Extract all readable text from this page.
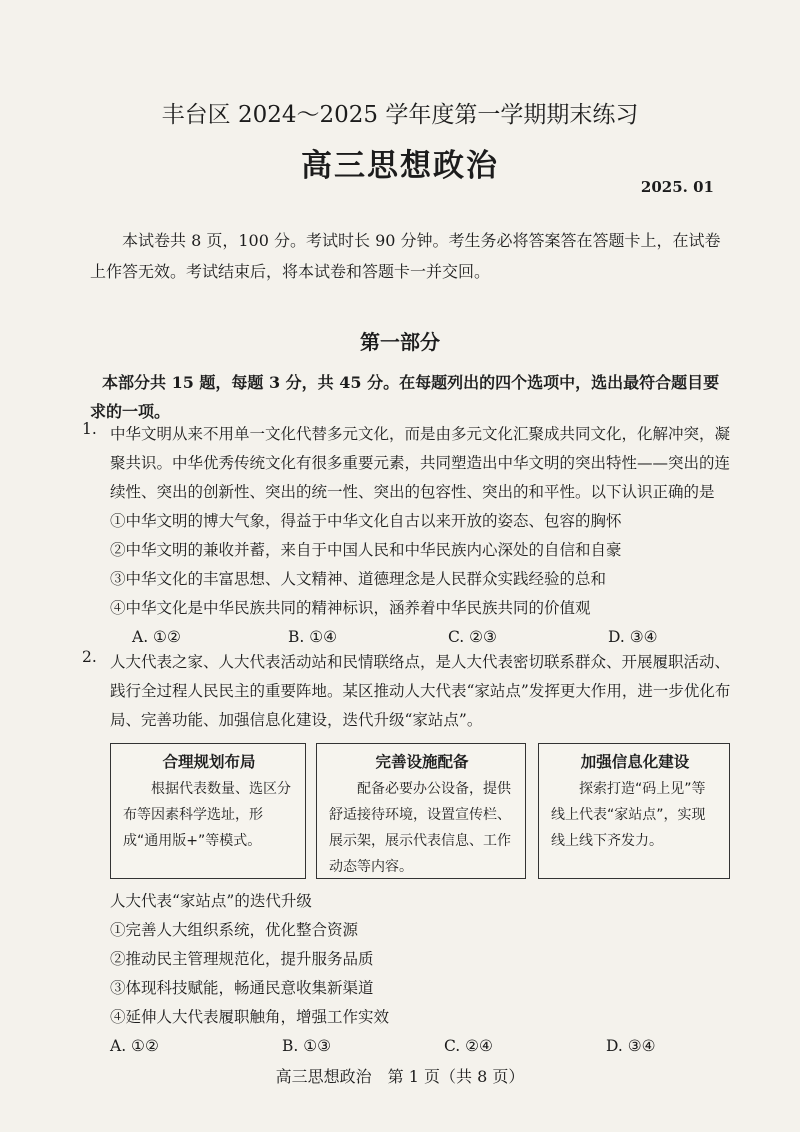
丰台区 2024～2025 学年度第一学期期末练习
高三思想政治
2025. 01
本试卷共 8 页，100 分。考试时长 90 分钟。考生务必将答案答在答题卡上，在试卷上作答无效。考试结束后，将本试卷和答题卡一并交回。
第一部分
本部分共 15 题，每题 3 分，共 45 分。在每题列出的四个选项中，选出最符合题目要求的一项。
1. 中华文明从来不用单一文化代替多元文化，而是由多元文化汇聚成共同文化，化解冲突，凝聚共识。中华优秀传统文化有很多重要元素，共同塑造出中华文明的突出特性——突出的连续性、突出的创新性、突出的统一性、突出的包容性、突出的和平性。以下认识正确的是
①中华文明的博大气象，得益于中华文化自古以来开放的姿态、包容的胸怀
②中华文明的兼收并蓄，来自于中国人民和中华民族内心深处的自信和自豪
③中华文化的丰富思想、人文精神、道德理念是人民群众实践经验的总和
④中华文化是中华民族共同的精神标识，涵养着中华民族共同的价值观
A. ①②	B. ①④	C. ②③	D. ③④
2. 人大代表之家、人大代表活动站和民情联络点，是人大代表密切联系群众、开展履职活动、践行全过程人民民主的重要阵地。某区推动人大代表“家站点”发挥更大作用，进一步优化布局、完善功能、加强信息化建设，迭代升级“家站点”。
合理规划布局
根据代表数量、选区分布等因素科学选址，形成“通用版+”等模式。
完善设施配备
配备必要办公设备，提供舒适接待环境，设置宣传栏、展示架，展示代表信息、工作动态等内容。
加强信息化建设
探索打造“码上见”等线上代表“家站点”，实现线上线下齐发力。
人大代表“家站点”的迭代升级
①完善人大组织系统，优化整合资源
②推动民主管理规范化，提升服务品质
③体现科技赋能，畅通民意收集新渠道
④延伸人大代表履职触角，增强工作实效
A. ①②	B. ①③	C. ②④	D. ③④
高三思想政治　第 1 页（共 8 页）
